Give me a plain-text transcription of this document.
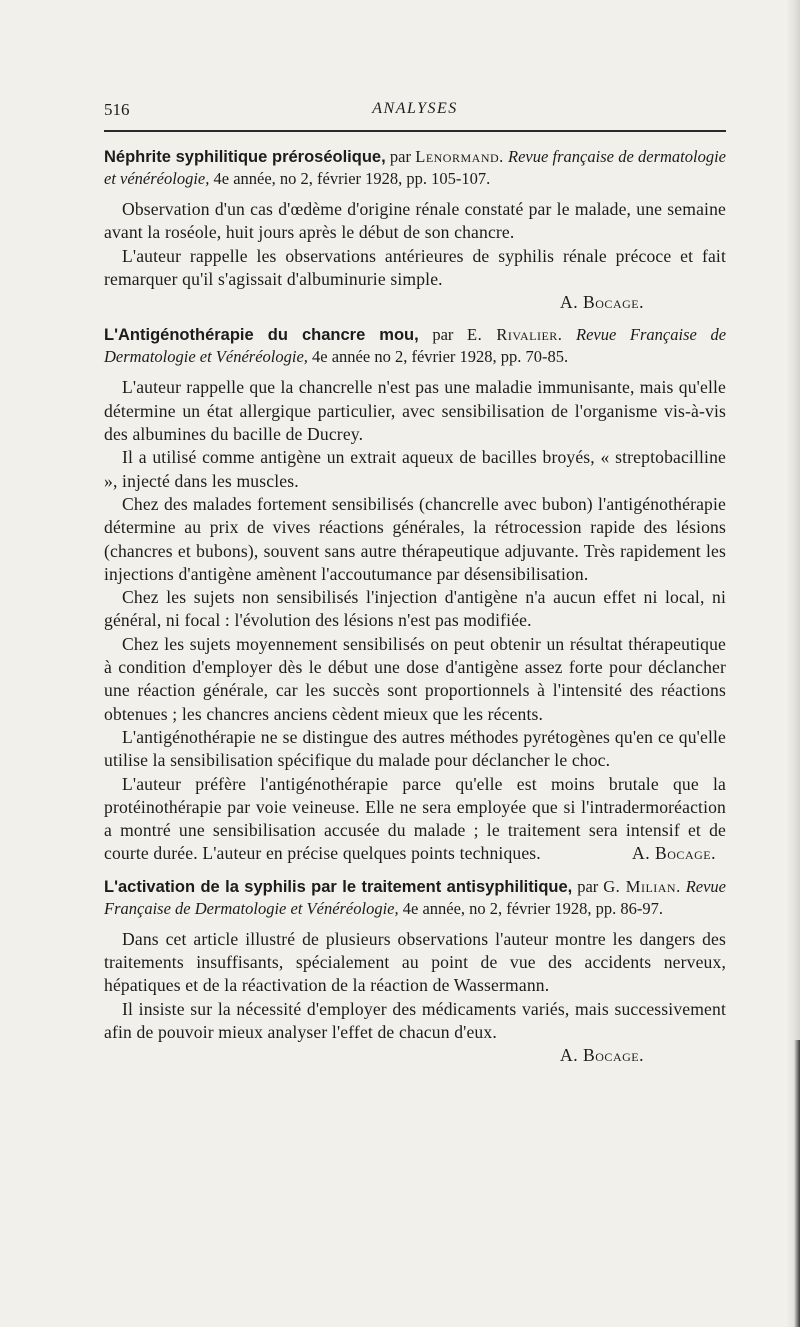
516	ANALYSES

Néphrite syphilitique préroséolique, par Lenormand. Revue française de dermatologie et vénéréologie, 4e année, no 2, février 1928, pp. 105-107.

Observation d'un cas d'œdème d'origine rénale constaté par le malade, une semaine avant la roséole, huit jours après le début de son chancre.

L'auteur rappelle les observations antérieures de syphilis rénale précoce et fait remarquer qu'il s'agissait d'albuminurie simple.

A. Bocage.

L'Antigénothérapie du chancre mou, par E. Rivalier. Revue Française de Dermatologie et Vénéréologie, 4e année no 2, février 1928, pp. 70-85.

L'auteur rappelle que la chancrelle n'est pas une maladie immunisante, mais qu'elle détermine un état allergique particulier, avec sensibilisation de l'organisme vis-à-vis des albumines du bacille de Ducrey.

Il a utilisé comme antigène un extrait aqueux de bacilles broyés, « streptobacilline », injecté dans les muscles.

Chez des malades fortement sensibilisés (chancrelle avec bubon) l'antigénothérapie détermine au prix de vives réactions générales, la rétrocession rapide des lésions (chancres et bubons), souvent sans autre thérapeutique adjuvante. Très rapidement les injections d'antigène amènent l'accoutumance par désensibilisation.

Chez les sujets non sensibilisés l'injection d'antigène n'a aucun effet ni local, ni général, ni focal : l'évolution des lésions n'est pas modifiée.

Chez les sujets moyennement sensibilisés on peut obtenir un résultat thérapeutique à condition d'employer dès le début une dose d'antigène assez forte pour déclancher une réaction générale, car les succès sont proportionnels à l'intensité des réactions obtenues ; les chancres anciens cèdent mieux que les récents.

L'antigénothérapie ne se distingue des autres méthodes pyrétogènes qu'en ce qu'elle utilise la sensibilisation spécifique du malade pour déclancher le choc.

L'auteur préfère l'antigénothérapie parce qu'elle est moins brutale que la protéinothérapie par voie veineuse. Elle ne sera employée que si l'intradermoréaction a montré une sensibilisation accusée du malade ; le traitement sera intensif et de courte durée. L'auteur en précise quelques points techniques.	A. Bocage.

L'activation de la syphilis par le traitement antisyphilitique, par G. Milian. Revue Française de Dermatologie et Vénéréologie, 4e année, no 2, février 1928, pp. 86-97.

Dans cet article illustré de plusieurs observations l'auteur montre les dangers des traitements insuffisants, spécialement au point de vue des accidents nerveux, hépatiques et de la réactivation de la réaction de Wassermann.

Il insiste sur la nécessité d'employer des médicaments variés, mais successivement afin de pouvoir mieux analyser l'effet de chacun d'eux.

A. Bocage.
